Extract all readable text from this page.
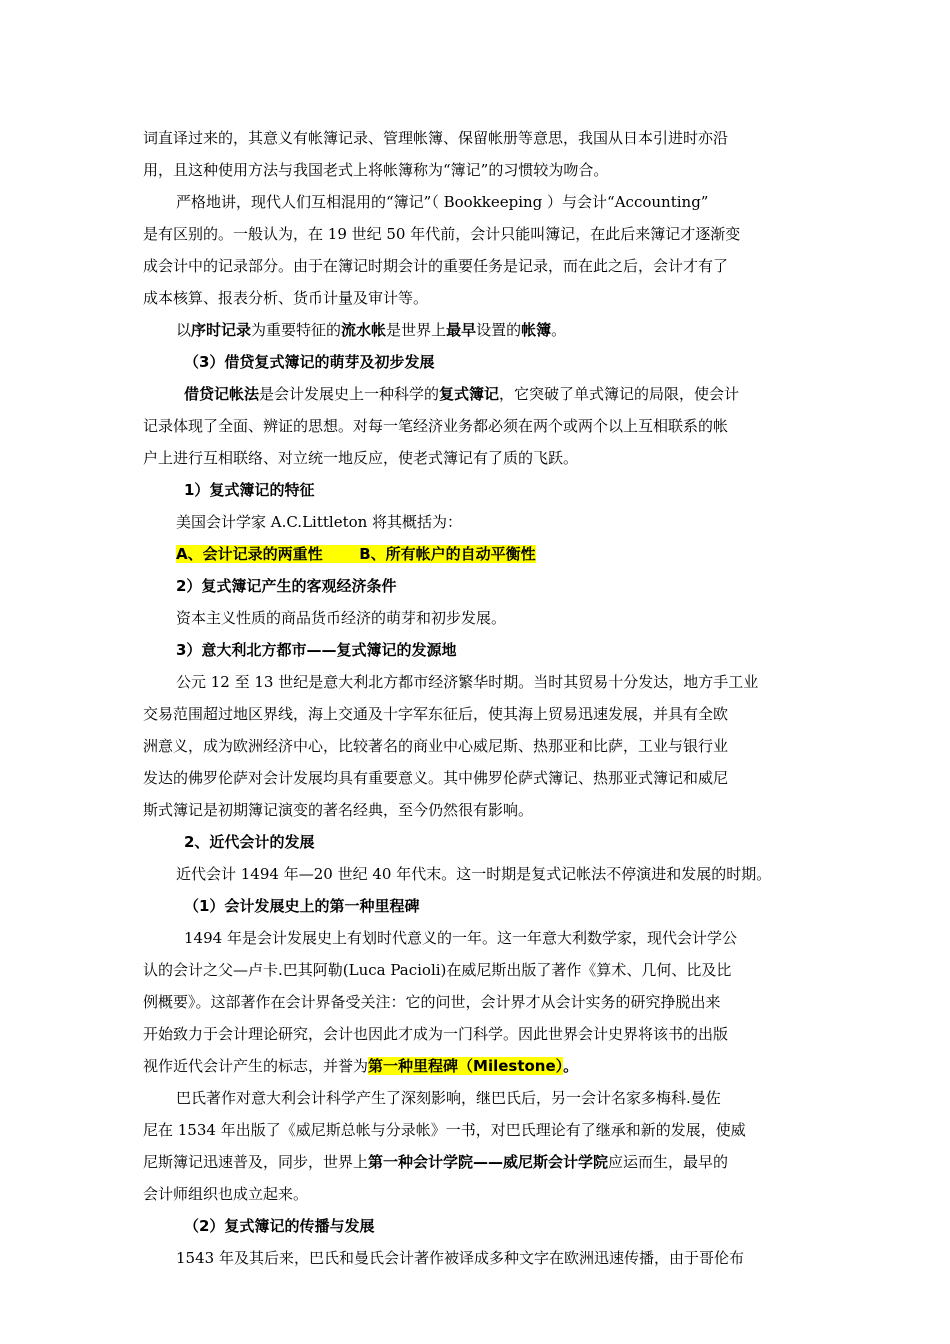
词直译过来的，其意义有帐簿记录、管理帐簿、保留帐册等意思，我国从日本引进时亦沿
用，且这种使用方法与我国老式上将帐簿称为“簿记”的习惯较为吻合。
严格地讲，现代人们互相混用的“簿记”（ Bookkeeping ）与会计“Accounting”
是有区别的。一般认为，在 19 世纪 50 年代前，会计只能叫簿记，在此后来簿记才逐渐变
成会计中的记录部分。由于在簿记时期会计的重要任务是记录，而在此之后，会计才有了
成本核算、报表分析、货币计量及审计等。
以序时记录为重要特征的流水帐是世界上最早设置的帐簿。
（3）借贷复式簿记的萌芽及初步发展
借贷记帐法是会计发展史上一种科学的复式簿记，它突破了单式簿记的局限，使会计
记录体现了全面、辨证的思想。对每一笔经济业务都必须在两个或两个以上互相联系的帐
户上进行互相联络、对立统一地反应，使老式簿记有了质的飞跃。
1）复式簿记的特征
美国会计学家 A.C.Littleton 将其概括为：
A、会计记录的两重性 B、所有帐户的自动平衡性
2）复式簿记产生的客观经济条件
资本主义性质的商品货币经济的萌芽和初步发展。
3）意大利北方都市——复式簿记的发源地
公元 12 至 13 世纪是意大利北方都市经济繁华时期。当时其贸易十分发达，地方手工业
交易范围超过地区界线，海上交通及十字军东征后，使其海上贸易迅速发展，并具有全欧
洲意义，成为欧洲经济中心，比较著名的商业中心威尼斯、热那亚和比萨，工业与银行业
发达的佛罗伦萨对会计发展均具有重要意义。其中佛罗伦萨式簿记、热那亚式簿记和威尼
斯式簿记是初期簿记演变的著名经典，至今仍然很有影响。
2、近代会计的发展
近代会计 1494 年—20 世纪 40 年代末。这一时期是复式记帐法不停演进和发展的时期。
（1）会计发展史上的第一种里程碑
1494 年是会计发展史上有划时代意义的一年。这一年意大利数学家，现代会计学公
认的会计之父—卢卡.巴其阿勒(Luca Pacioli)在威尼斯出版了著作《算术、几何、比及比
例概要》。这部著作在会计界备受关注：它的问世，会计界才从会计实务的研究挣脱出来
开始致力于会计理论研究，会计也因此才成为一门科学。因此世界会计史界将该书的出版
视作近代会计产生的标志，并誉为第一种里程碑（Milestone）。
巴氏著作对意大利会计科学产生了深刻影响，继巴氏后，另一会计名家多梅科.曼佐
尼在 1534 年出版了《威尼斯总帐与分录帐》一书，对巴氏理论有了继承和新的发展，使威
尼斯簿记迅速普及，同步，世界上第一种会计学院——威尼斯会计学院应运而生，最早的
会计师组织也成立起来。
（2）复式簿记的传播与发展
1543 年及其后来，巴氏和曼氏会计著作被译成多种文字在欧洲迅速传播，由于哥伦布
